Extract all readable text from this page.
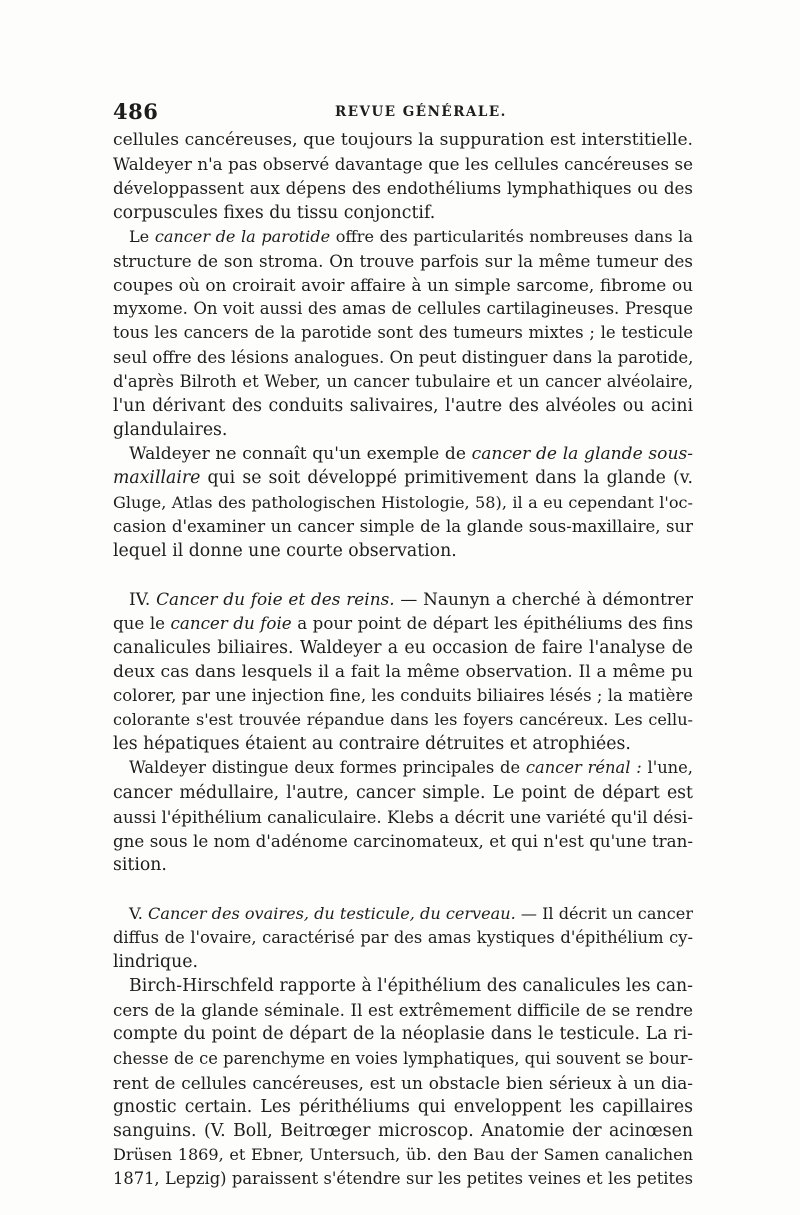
486	REVUE GÉNÉRALE.
cellules cancéreuses, que toujours la suppuration est interstitielle.
Waldeyer n'a pas observé davantage que les cellules cancéreuses se
développassent aux dépens des endothéliums lymphathiques ou des
corpuscules fixes du tissu conjonctif.
Le cancer de la parotide offre des particularités nombreuses dans la
structure de son stroma. On trouve parfois sur la même tumeur des
coupes où on croirait avoir affaire à un simple sarcome, fibrome ou
myxome. On voit aussi des amas de cellules cartilagineuses. Presque
tous les cancers de la parotide sont des tumeurs mixtes ; le testicule
seul offre des lésions analogues. On peut distinguer dans la parotide,
d'après Bilroth et Weber, un cancer tubulaire et un cancer alvéolaire,
l'un dérivant des conduits salivaires, l'autre des alvéoles ou acini
glandulaires.
Waldeyer ne connaît qu'un exemple de cancer de la glande sous-
maxillaire qui se soit développé primitivement dans la glande (v.
Gluge, Atlas des pathologischen Histologie, 58), il a eu cependant l'oc-
casion d'examiner un cancer simple de la glande sous-maxillaire, sur
lequel il donne une courte observation.
IV. Cancer du foie et des reins. — Naunyn a cherché à démontrer
que le cancer du foie a pour point de départ les épithéliums des fins
canalicules biliaires. Waldeyer a eu occasion de faire l'analyse de
deux cas dans lesquels il a fait la même observation. Il a même pu
colorer, par une injection fine, les conduits biliaires lésés ; la matière
colorante s'est trouvée répandue dans les foyers cancéreux. Les cellu-
les hépatiques étaient au contraire détruites et atrophiées.
Waldeyer distingue deux formes principales de cancer rénal : l'une,
cancer médullaire, l'autre, cancer simple. Le point de départ est
aussi l'épithélium canaliculaire. Klebs a décrit une variété qu'il dési-
gne sous le nom d'adénome carcinomateux, et qui n'est qu'une tran-
sition.
V. Cancer des ovaires, du testicule, du cerveau. — Il décrit un cancer
diffus de l'ovaire, caractérisé par des amas kystiques d'épithélium cy-
lindrique.
Birch-Hirschfeld rapporte à l'épithélium des canalicules les can-
cers de la glande séminale. Il est extrêmement difficile de se rendre
compte du point de départ de la néoplasie dans le testicule. La ri-
chesse de ce parenchyme en voies lymphatiques, qui souvent se bour-
rent de cellules cancéreuses, est un obstacle bien sérieux à un dia-
gnostic certain. Les périthéliums qui enveloppent les capillaires
sanguins. (V. Boll, Beitrœger microscop. Anatomie der acinœsen
Drüsen 1869, et Ebner, Untersuch, üb. den Bau der Samen canalichen
1871, Lepzig) paraissent s'étendre sur les petites veines et les petites
